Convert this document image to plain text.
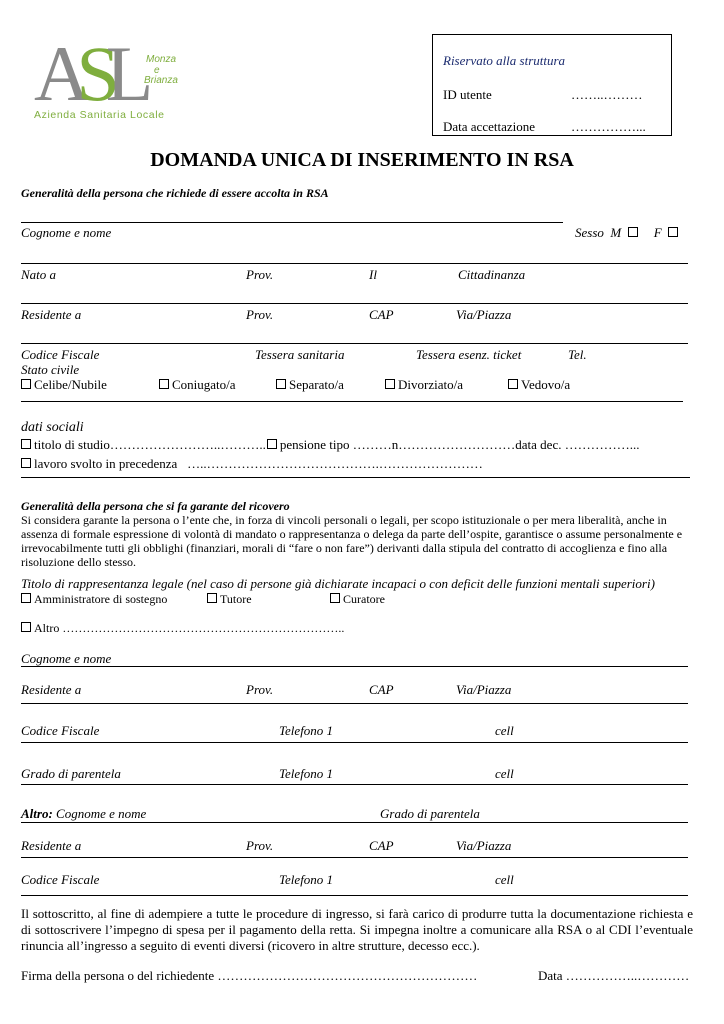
ASL Monza
e
Brianza
Azienda Sanitaria Locale
Riservato alla struttura
ID utente	……..………
Data accettazione	……………...
DOMANDA UNICA DI INSERIMENTO IN RSA
Generalità della persona che richiede di essere accolta in RSA
Cognome e nome	Sesso M	F
Nato a	Prov.	Il	Cittadinanza
Residente a	Prov.	CAP	Via/Piazza
Codice Fiscale	Tessera sanitaria	Tessera esenz. ticket	Tel.
Stato civile
Celibe/Nubile	Coniugato/a	Separato/a	Divorziato/a	Vedovo/a
dati sociali
titolo di studio……………………..……….. pensione tipo ………n………………………data dec. ……………...
lavoro svolto in precedenza …..………………………………….……………………
Generalità della persona che si fa garante del ricovero
Si considera garante la persona o l’ente che, in forza di vincoli personali o legali, per scopo istituzionale o per mera liberalità, anche in assenza di formale espressione di volontà di mandato o rappresentanza o delega da parte dell’ospite, garantisce o assume personalmente e irrevocabilmente tutti gli obblighi (finanziari, morali di “fare o non fare”) derivanti dalla stipula del contratto di accoglienza e fino alla risoluzione dello stesso.
Titolo di rappresentanza legale (nel caso di persone già dichiarate incapaci o con deficit delle funzioni mentali superiori)
Amministratore di sostegno	Tutore	Curatore
Altro ……………………………………………………………..
Cognome e nome
Residente a	Prov.	CAP	Via/Piazza
Codice Fiscale	Telefono 1	cell
Grado di parentela	Telefono 1	cell
Altro: Cognome e nome	Grado di parentela
Residente a	Prov.	CAP	Via/Piazza
Codice Fiscale	Telefono 1	cell
Il sottoscritto, al fine di adempiere a tutte le procedure di ingresso, si farà carico di produrre tutta la documentazione richiesta e di sottoscrivere l’impegno di spesa per il pagamento della retta. Si impegna inoltre a comunicare alla RSA o al CDI l’eventuale rinuncia all’ingresso a seguito di eventi diversi (ricovero in altre strutture, decesso ecc.).
Firma della persona o del richiedente ……………………………………………………	Data ……………..…………
